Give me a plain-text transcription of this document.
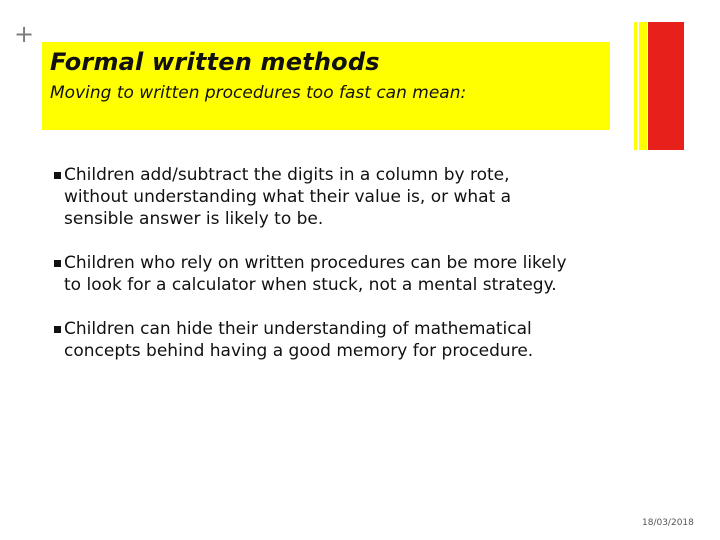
+
Formal written methods
Moving to written procedures too fast can mean:
Children add/subtract the digits in a column by rote,
without understanding what their value is, or what a
sensible answer is likely to be.
Children who rely on written procedures can be more likely
to look for a calculator when stuck, not a mental strategy.
Children can hide their understanding of mathematical
concepts behind having a good memory for procedure.
18/03/2018
